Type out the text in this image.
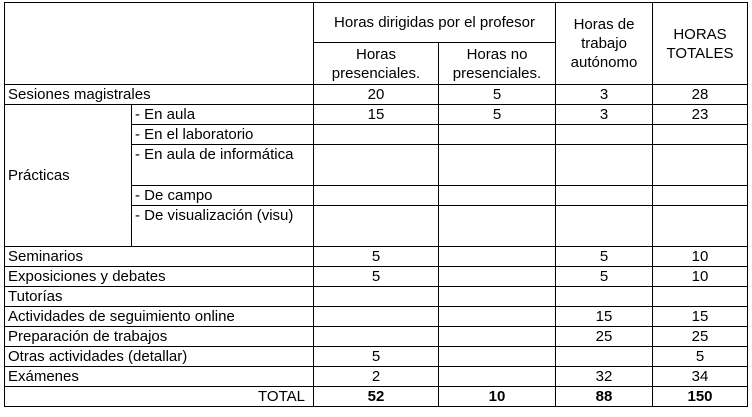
		Horas dirigidas por el profesor		Horas de trabajo autónomo	HORAS TOTALES
		Horas presenciales.	Horas no presenciales.		
Sesiones magistrales		20	5	3	28
Prácticas	- En aula	15	5	3	23
	- En el laboratorio				
	- En aula de informática				
	- De campo				
	- De visualización (visu)				
Seminarios		5		5	10
Exposiciones y debates		5		5	10
Tutorías					
Actividades de seguimiento online				15	15
Preparación de trabajos				25	25
Otras actividades (detallar)		5			5
Exámenes		2		32	34
TOTAL		52	10	88	150
